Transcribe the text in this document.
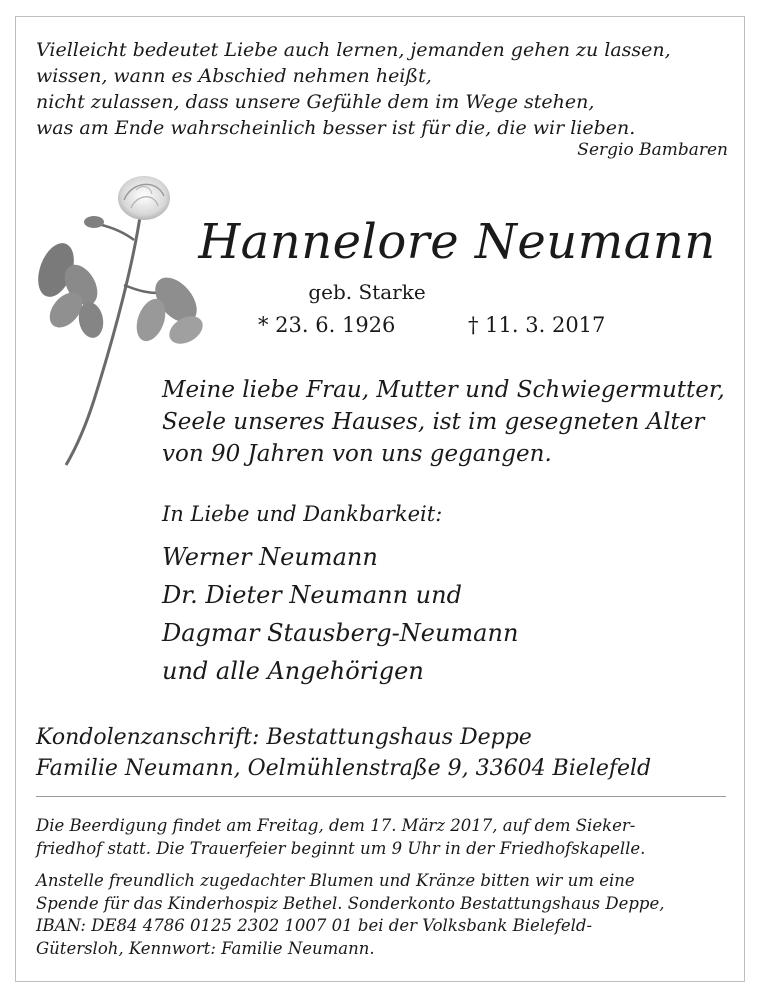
Vielleicht bedeutet Liebe auch lernen, jemanden gehen zu lassen,
wissen, wann es Abschied nehmen heißt,
nicht zulassen, dass unsere Gefühle dem im Wege stehen,
was am Ende wahrscheinlich besser ist für die, die wir lieben.
Sergio Bambaren
Hannelore Neumann
geb. Starke
* 23. 6. 1926	† 11. 3. 2017
Meine liebe Frau, Mutter und Schwiegermutter,
Seele unseres Hauses, ist im gesegneten Alter
von 90 Jahren von uns gegangen.
In Liebe und Dankbarkeit:
Werner Neumann
Dr. Dieter Neumann und
Dagmar Stausberg-Neumann
und alle Angehörigen
Kondolenzanschrift: Bestattungshaus Deppe
Familie Neumann, Oelmühlenstraße 9, 33604 Bielefeld
Die Beerdigung findet am Freitag, dem 17. März 2017, auf dem Sieker-
friedhof statt. Die Trauerfeier beginnt um 9 Uhr in der Friedhofskapelle.
Anstelle freundlich zugedachter Blumen und Kränze bitten wir um eine
Spende für das Kinderhospiz Bethel. Sonderkonto Bestattungshaus Deppe,
IBAN: DE84 4786 0125 2302 1007 01 bei der Volksbank Bielefeld-
Gütersloh, Kennwort: Familie Neumann.
